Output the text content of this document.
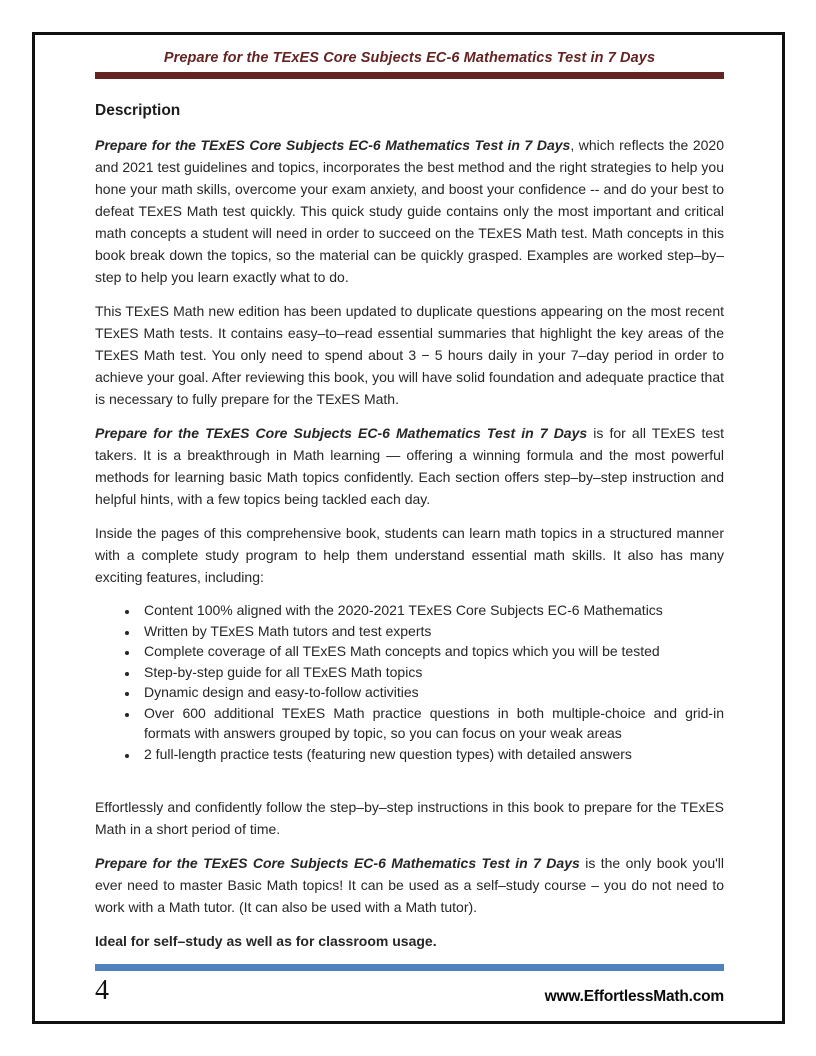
Prepare for the TExES Core Subjects EC-6 Mathematics Test in 7 Days
Description

Prepare for the TExES Core Subjects EC-6 Mathematics Test in 7 Days, which reflects the 2020 and 2021 test guidelines and topics, incorporates the best method and the right strategies to help you hone your math skills, overcome your exam anxiety, and boost your confidence -- and do your best to defeat TExES Math test quickly. This quick study guide contains only the most important and critical math concepts a student will need in order to succeed on the TExES Math test. Math concepts in this book break down the topics, so the material can be quickly grasped. Examples are worked step–by–step to help you learn exactly what to do.

This TExES Math new edition has been updated to duplicate questions appearing on the most recent TExES Math tests. It contains easy–to–read essential summaries that highlight the key areas of the TExES Math test. You only need to spend about 3 − 5 hours daily in your 7–day period in order to achieve your goal. After reviewing this book, you will have solid foundation and adequate practice that is necessary to fully prepare for the TExES Math.

Prepare for the TExES Core Subjects EC-6 Mathematics Test in 7 Days is for all TExES test takers. It is a breakthrough in Math learning — offering a winning formula and the most powerful methods for learning basic Math topics confidently. Each section offers step–by–step instruction and helpful hints, with a few topics being tackled each day.

Inside the pages of this comprehensive book, students can learn math topics in a structured manner with a complete study program to help them understand essential math skills. It also has many exciting features, including:

• Content 100% aligned with the 2020-2021 TExES Core Subjects EC-6 Mathematics
• Written by TExES Math tutors and test experts
• Complete coverage of all TExES Math concepts and topics which you will be tested
• Step-by-step guide for all TExES Math topics
• Dynamic design and easy-to-follow activities
• Over 600 additional TExES Math practice questions in both multiple-choice and grid-in formats with answers grouped by topic, so you can focus on your weak areas
• 2 full-length practice tests (featuring new question types) with detailed answers

Effortlessly and confidently follow the step–by–step instructions in this book to prepare for the TExES Math in a short period of time.

Prepare for the TExES Core Subjects EC-6 Mathematics Test in 7 Days is the only book you'll ever need to master Basic Math topics! It can be used as a self–study course – you do not need to work with a Math tutor. (It can also be used with a Math tutor).

Ideal for self–study as well as for classroom usage.

4	www.EffortlessMath.com
